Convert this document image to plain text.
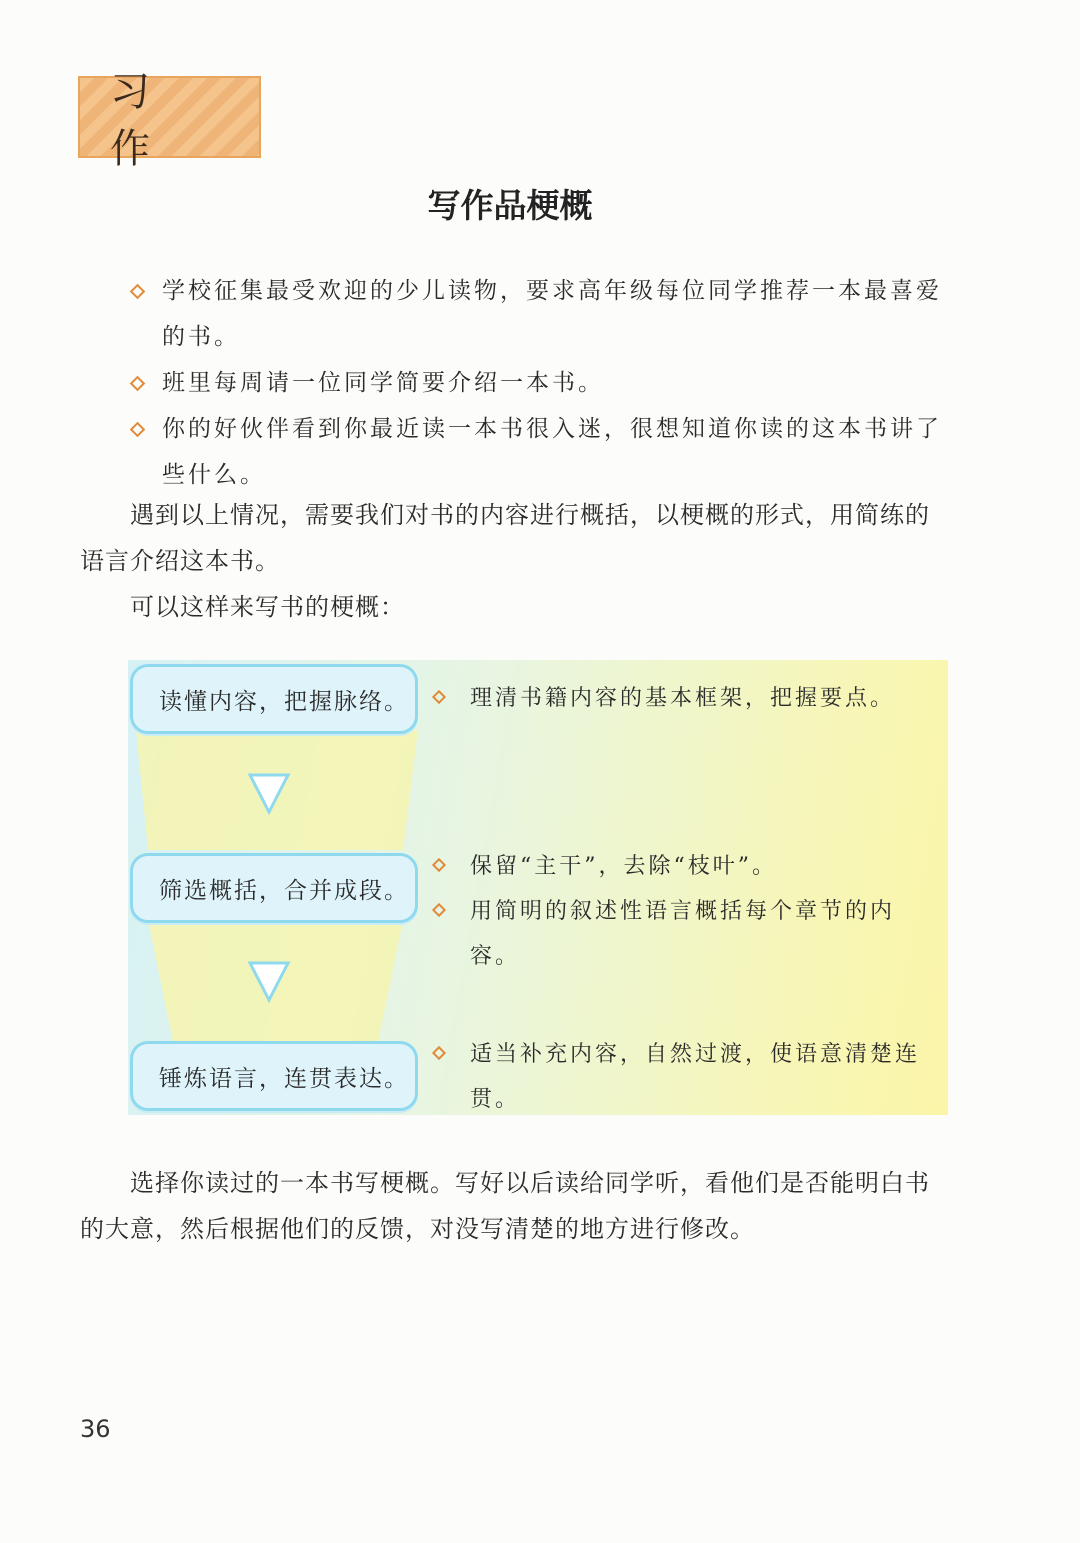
习 作
写作品梗概
学校征集最受欢迎的少儿读物，要求高年级每位同学推荐一本最喜爱的书。
班里每周请一位同学简要介绍一本书。
你的好伙伴看到你最近读一本书很入迷，很想知道你读的这本书讲了些什么。

遇到以上情况，需要我们对书的内容进行概括，以梗概的形式，用简练的语言介绍这本书。

可以这样来写书的梗概：

读懂内容，把握脉络。
筛选概括，合并成段。
锤炼语言，连贯表达。
理清书籍内容的基本框架，把握要点。
保留“主干”，去除“枝叶”。
用简明的叙述性语言概括每个章节的内容。
适当补充内容，自然过渡，使语意清楚连贯。

选择你读过的一本书写梗概。写好以后读给同学听，看他们是否能明白书的大意，然后根据他们的反馈，对没写清楚的地方进行修改。

36
